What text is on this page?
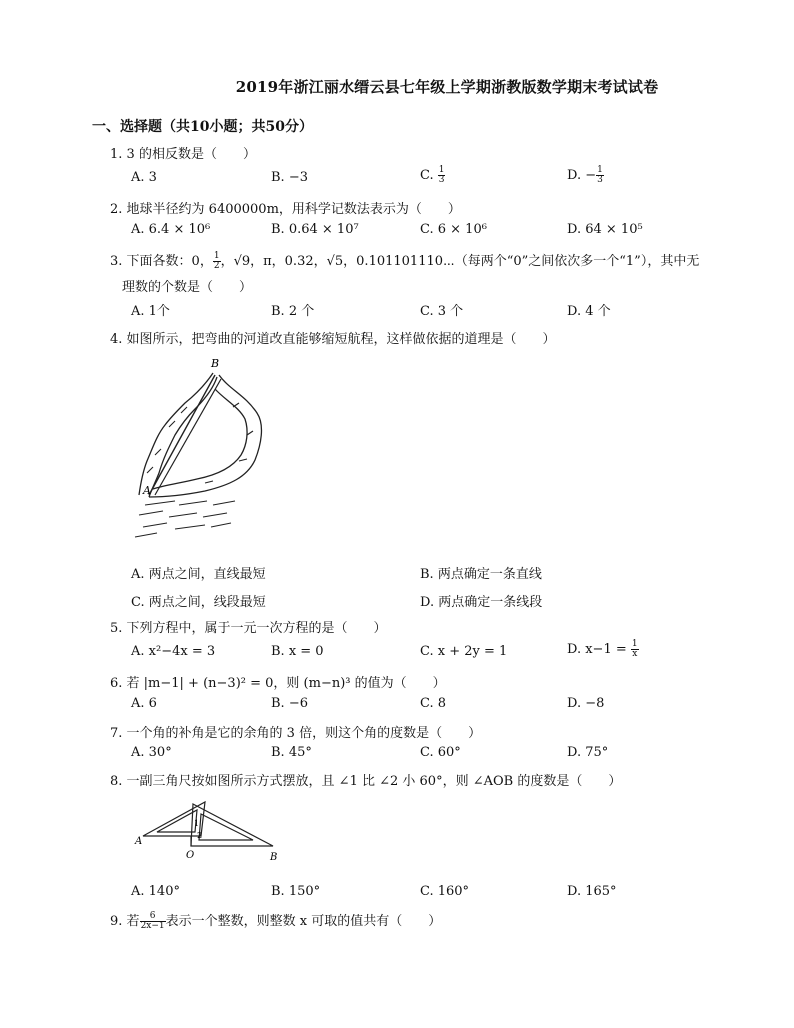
2019年浙江丽水缙云县七年级上学期浙教版数学期末考试试卷
一、选择题（共10小题；共50分）
1. 3 的相反数是（　　）
A. 3	B. −3	C. $\frac{1}{3}$	D. − $\frac{1}{3}$
2. 地球半径约为 6400000m，用科学记数法表示为（　　）
A. 6.4 × 10⁶	B. 0.64 × 10⁷	C. 6 × 10⁶	D. 64 × 10⁵
3. 下面各数：0， $\frac{1}{2}$ ，√9，π，0.32，√5，0.101101110⋯（每两个“0”之间依次多一个“1”），其中无
理数的个数是（　　）
A. 1个	B. 2 个	C. 3 个	D. 4 个
4. 如图所示，把弯曲的河道改直能够缩短航程，这样做依据的道理是（　　）
B
A
A. 两点之间，直线最短	B. 两点确定一条直线
C. 两点之间，线段最短	D. 两点确定一条线段
5. 下列方程中，属于一元一次方程的是（　　）
A. x²−4x = 3	B. x = 0	C. x + 2y = 1	D. $x-1 = \frac{1}{x}$
6. 若 |m−1| + (n−3)² = 0，则 (m−n)³ 的值为（　　）
A. 6	B. −6	C. 8	D. −8
7. 一个角的补角是它的余角的 3 倍，则这个角的度数是（　　）
A. 30°	B. 45°	C. 60°	D. 75°
8. 一副三角尺按如图所示方式摆放，且 ∠1 比 ∠2 小 60°，则 ∠AOB 的度数是（　　）
A
O	B
1
2
A. 140°	B. 150°	C. 160°	D. 165°
9. 若 $\frac{6}{2x-1}$ 表示一个整数，则整数 x 可取的值共有（　　）
